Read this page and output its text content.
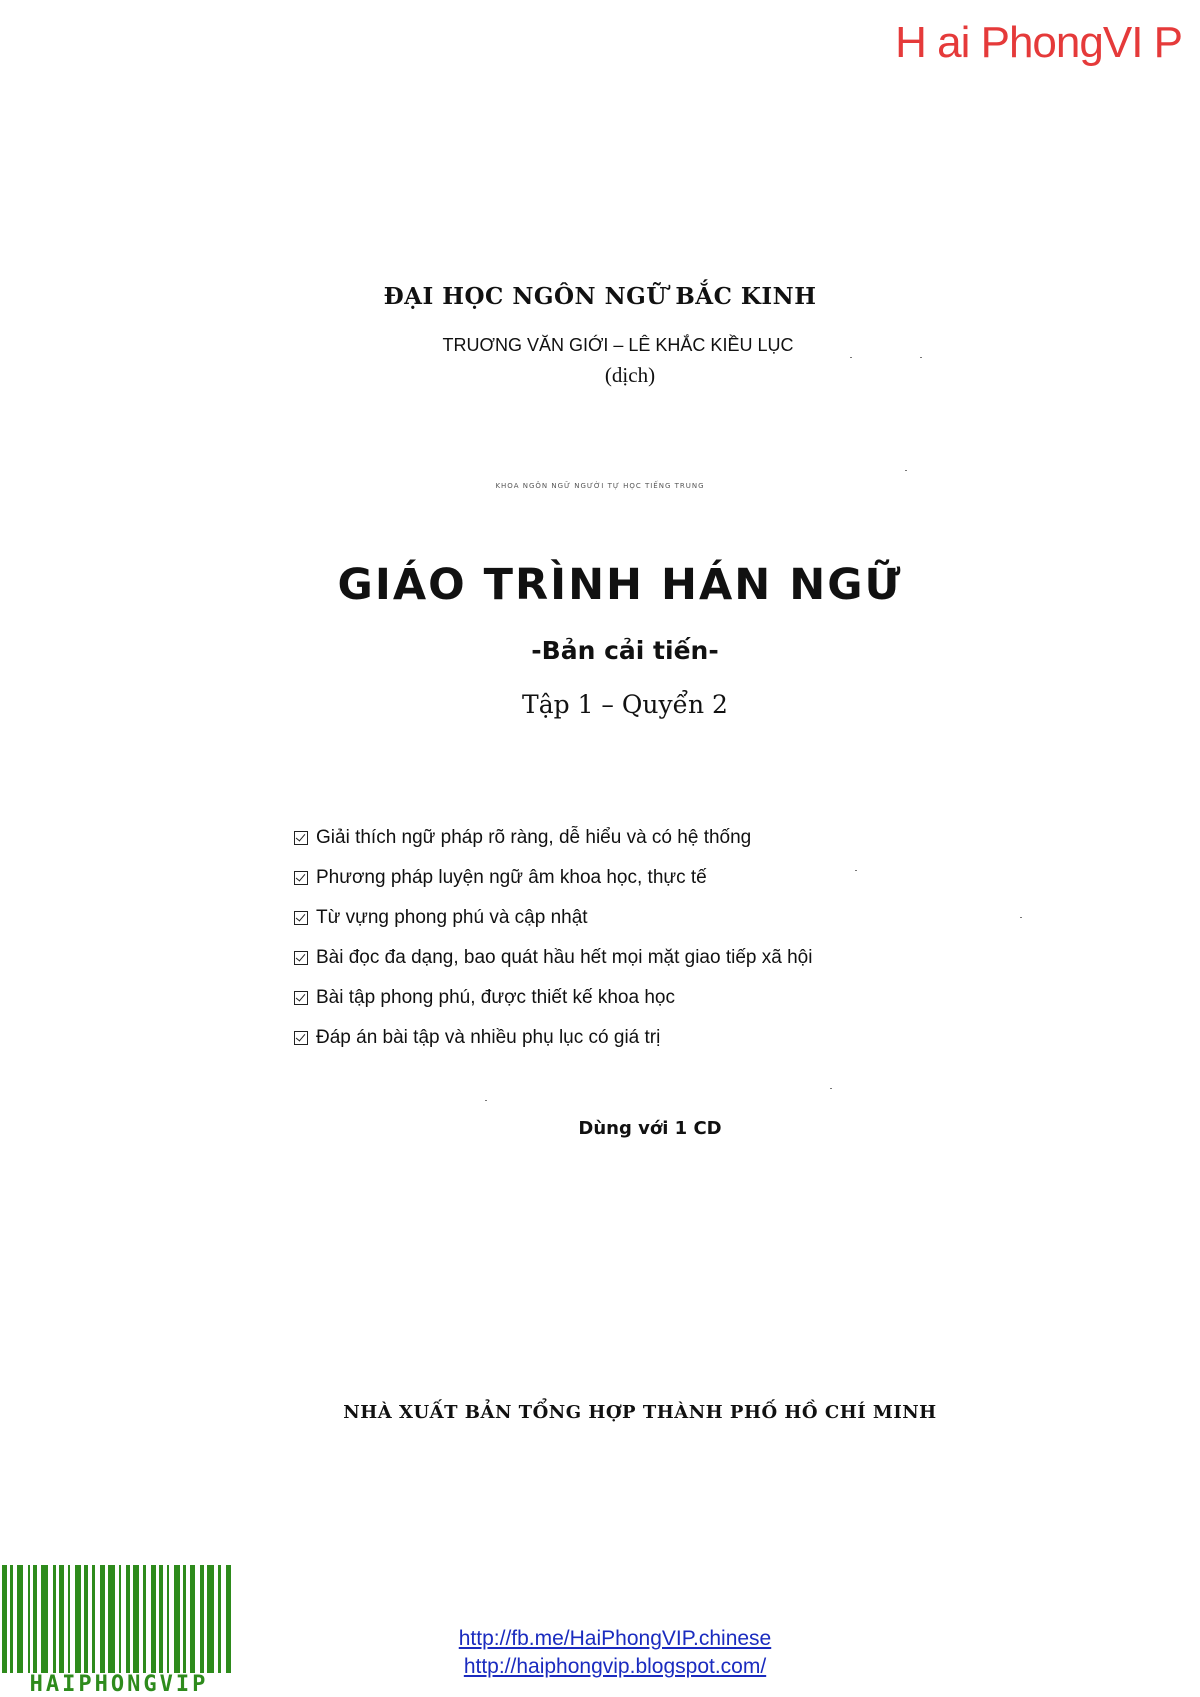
H ai PhongVI P
ĐẠI HỌC NGÔN NGỮ BẮC KINH
TRUƠNG VĂN GIỚI – LÊ KHẮC KIỀU LỤC
(dịch)
KHOA NGÔN NGỮ NGƯỜI TỰ HỌC TIẾNG TRUNG
GIÁO TRÌNH HÁN NGỮ
-Bản cải tiến-
Tập 1 – Quyển 2
Giải thích ngữ pháp rõ ràng, dễ hiểu và có hệ thống
Phương pháp luyện ngữ âm khoa học, thực tế
Từ vựng phong phú và cập nhật
Bài đọc đa dạng, bao quát hầu hết mọi mặt giao tiếp xã hội
Bài tập phong phú, được thiết kế khoa học
Đáp án bài tập và nhiều phụ lục có giá trị
Dùng với 1 CD
NHÀ XUẤT BẢN TỔNG HỢP THÀNH PHỐ HỒ CHÍ MINH
HAIPHONGVIP
http://fb.me/HaiPhongVIP.chinese
http://haiphongvip.blogspot.com/
